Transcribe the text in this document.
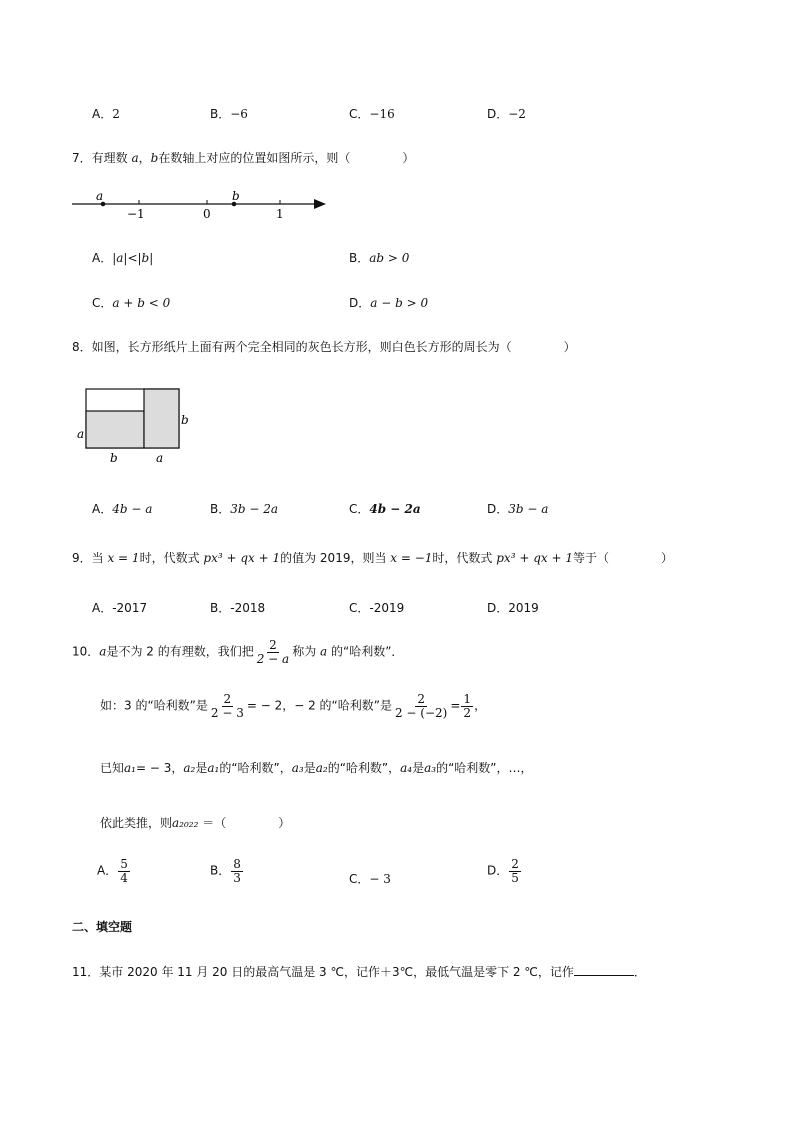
A．2	B．−6	C．−16	D．−2
7．有理数 a，b在数轴上对应的位置如图所示，则（	）
a	b
−1	0	1
A．|a|<|b|	B．ab > 0
C．a + b < 0	D．a − b > 0
8．如图，长方形纸片上面有两个完全相同的灰色长方形，则白色长方形的周长为（	）
a
b
b	a
A．4b − a	B．3b − 2a	C．4b − 2a	D．3b − a
9．当 x = 1时，代数式 px³ + qx + 1的值为 2019，则当 x = −1时，代数式 px³ + qx + 1等于（	）
A．-2017	B．-2018	C．-2019	D．2019
10．a是不为 2 的有理数，我们把 $\frac{2}{2 - a}$ 称为 a 的“哈利数”．
如：3 的“哈利数”是 $\frac{2}{2 - 3}$ = − 2，− 2 的“哈利数”是 $\frac{2}{2 - (-2)} = \frac{1}{2}$ ，
已知a₁= − 3，a₂是a₁的“哈利数”，a₃是a₂的“哈利数”，a₄是a₃的“哈利数”，…，
依此类推，则a₂₀₂₂ ＝（	）
A． $\frac{5}{4}$	B． $\frac{8}{3}$	C．− 3
D． $\frac{2}{5}$
二、填空题
11．某市 2020 年 11 月 20 日的最高气温是 3 ℃，记作＋3℃，最低气温是零下 2 ℃，记作	．
